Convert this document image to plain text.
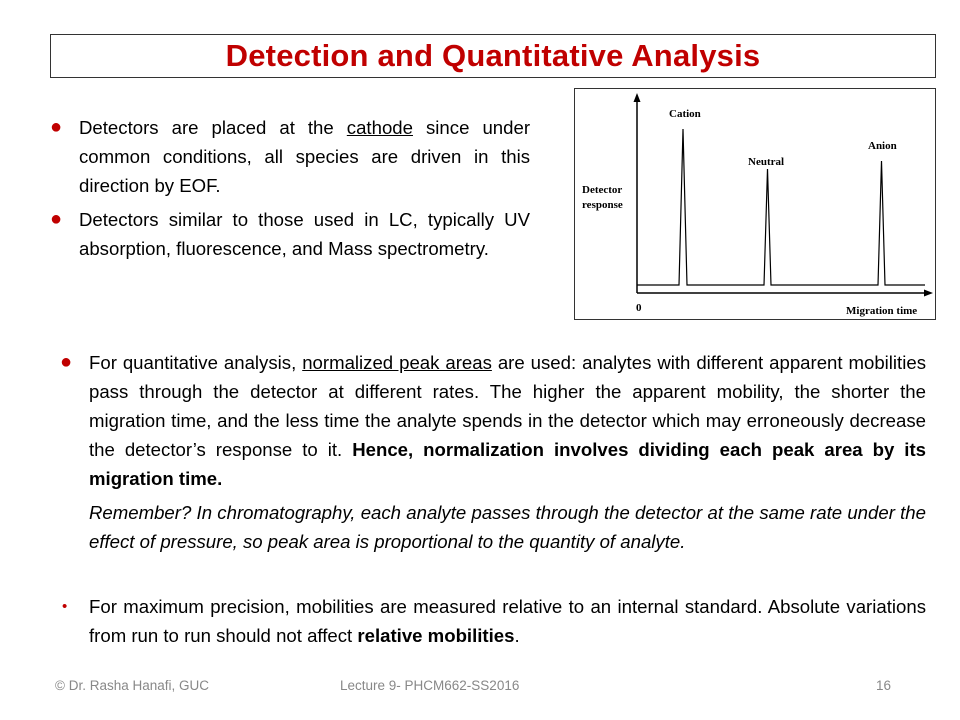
Detection and Quantitative Analysis
● Detectors are placed at the cathode since under common conditions, all species are driven in this direction by EOF.
● Detectors similar to those used in LC, typically UV absorption, fluorescence, and Mass spectrometry.
Cation
Neutral
Anion
Detector
response
0	Migration time
● For quantitative analysis, normalized peak areas are used: analytes with different apparent mobilities pass through the detector at different rates. The higher the apparent mobility, the shorter the migration time, and the less time the analyte spends in the detector which may erroneously decrease the detector’s response to it. Hence, normalization involves dividing each peak area by its migration time.
Remember? In chromatography, each analyte passes through the detector at the same rate under the effect of pressure, so peak area is proportional to the quantity of analyte.
• For maximum precision, mobilities are measured relative to an internal standard. Absolute variations from run to run should not affect relative mobilities.
© Dr. Rasha Hanafi, GUC	Lecture 9- PHCM662-SS2016	16
